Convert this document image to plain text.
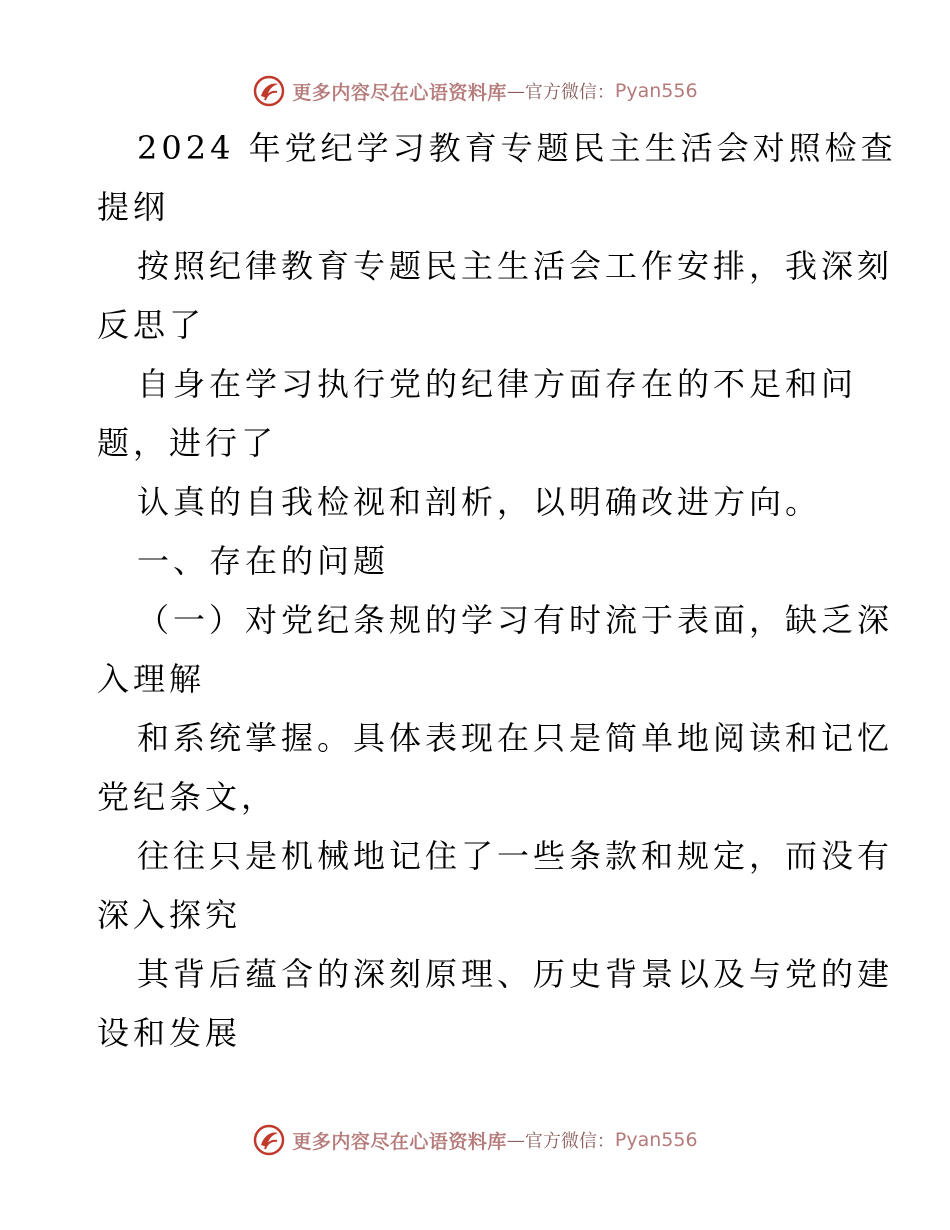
更多内容尽在心语资料库 — 官方微信： Pyan556

2024 年党纪学习教育专题民主生活会对照检查

提纲

按照纪律教育专题民主生活会工作安排，我深刻

反思了

自身在学习执行党的纪律方面存在的不足和问

题，进行了

认真的自我检视和剖析，以明确改进方向。

一、存在的问题

（一）对党纪条规的学习有时流于表面，缺乏深

入理解

和系统掌握。具体表现在只是简单地阅读和记忆

党纪条文，

往往只是机械地记住了一些条款和规定，而没有

深入探究

其背后蕴含的深刻原理、历史背景以及与党的建

设和发展

更多内容尽在心语资料库 — 官方微信： Pyan556
